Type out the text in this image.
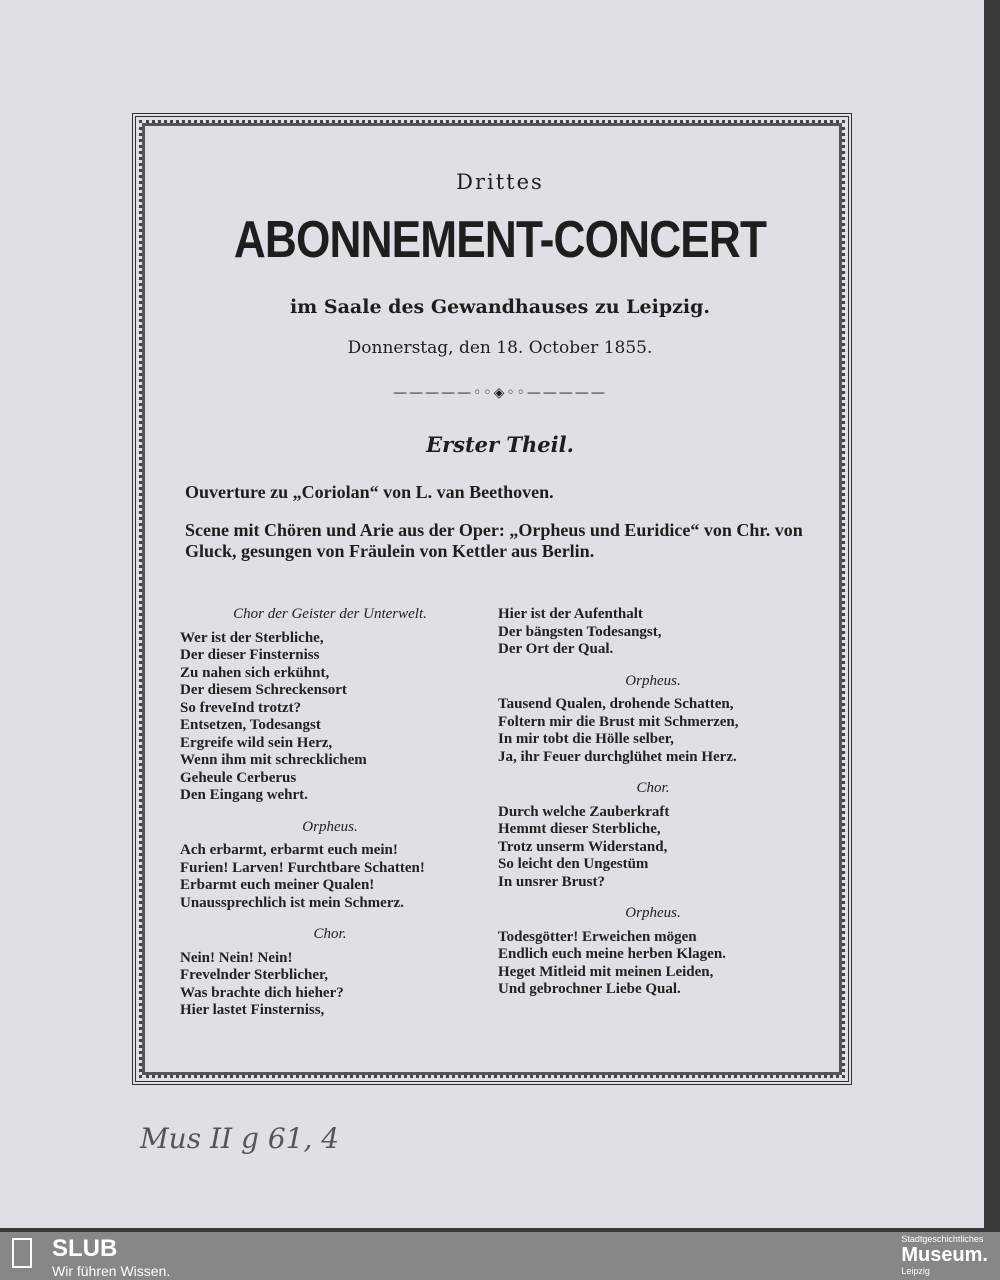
Drittes
ABONNEMENT-CONCERT
im Saale des Gewandhauses zu Leipzig.
Donnerstag, den 18. October 1855.
—————◦◦◈◦◦—————
Erster Theil.
Ouverture zu „Coriolan“ von L. van Beethoven.
Scene mit Chören und Arie aus der Oper: „Orpheus und Euridice“ von Chr. von Gluck, gesungen von Fräulein von Kettler aus Berlin.
Chor der Geister der Unterwelt.
Wer ist der Sterbliche,
Der dieser Finsterniss
Zu nahen sich erkühnt,
Der diesem Schreckensort
So freveInd trotzt?
Entsetzen, Todesangst
Ergreife wild sein Herz,
Wenn ihm mit schrecklichem
Geheule Cerberus
Den Eingang wehrt.
Orpheus.
Ach erbarmt, erbarmt euch mein!
Furien! Larven! Furchtbare Schatten!
Erbarmt euch meiner Qualen!
Unaussprechlich ist mein Schmerz.
Chor.
Nein! Nein! Nein!
Frevelnder Sterblicher,
Was brachte dich hieher?
Hier lastet Finsterniss,
Hier ist der Aufenthalt
Der bängsten Todesangst,
Der Ort der Qual.
Orpheus.
Tausend Qualen, drohende Schatten,
Foltern mir die Brust mit Schmerzen,
In mir tobt die Hölle selber,
Ja, ihr Feuer durchglühet mein Herz.
Chor.
Durch welche Zauberkraft
Hemmt dieser Sterbliche,
Trotz unserm Widerstand,
So leicht den Ungestüm
In unsrer Brust?
Orpheus.
Todesgötter! Erweichen mögen
Endlich euch meine herben Klagen.
Heget Mitleid mit meinen Leiden,
Und gebrochner Liebe Qual.
Mus II g 61, 4
SLUB
Wir führen Wissen.
Stadtgeschichtliches
Museum.
Leipzig
